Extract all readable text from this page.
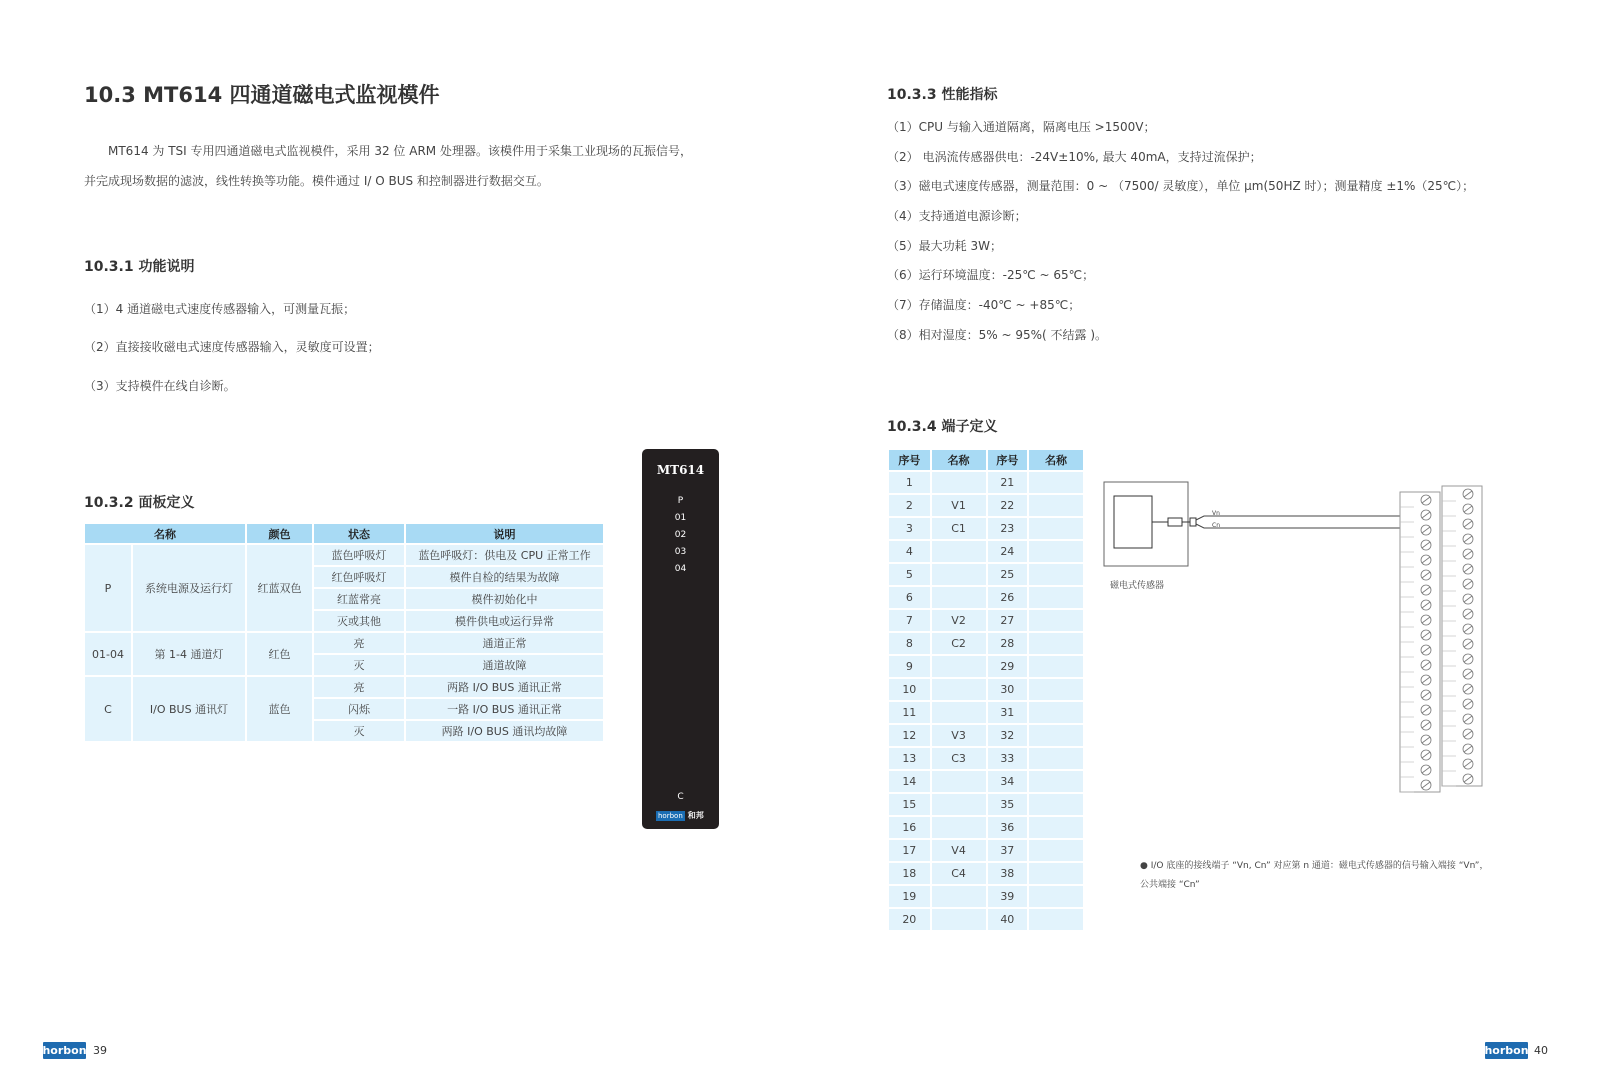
10.3 MT614 四通道磁电式监视模件
MT614 为 TSI 专用四通道磁电式监视模件，采用 32 位 ARM 处理器。该模件用于采集工业现场的瓦振信号，
并完成现场数据的滤波，线性转换等功能。模件通过 I/ O BUS 和控制器进行数据交互。
10.3.1 功能说明
（1）4 通道磁电式速度传感器输入，可测量瓦振；
（2）直接接收磁电式速度传感器输入，灵敏度可设置；
（3）支持模件在线自诊断。
10.3.2 面板定义
名称		颜色	状态	说明
P	系统电源及运行灯	红蓝双色	蓝色呼吸灯	蓝色呼吸灯：供电及 CPU 正常工作
			红色呼吸灯	模件自检的结果为故障
			红蓝常亮	模件初始化中
			灭或其他	模件供电或运行异常
01-04	第 1-4 通道灯	红色	亮	通道正常
			灭	通道故障
C	I/O BUS 通讯灯	蓝色	亮	两路 I/O BUS 通讯正常
			闪烁	一路 I/O BUS 通讯正常
			灭	两路 I/O BUS 通讯均故障
MT614
P
01
02
03
04
C
horbon 和邦
horbon 39
10.3.3 性能指标
（1）CPU 与输入通道隔离，隔离电压 >1500V；
（2） 电涡流传感器供电：-24V±10%, 最大 40mA，支持过流保护；
（3）磁电式速度传感器，测量范围：0 ~ （7500/ 灵敏度），单位 μm(50HZ 时）；测量精度 ±1%（25℃）；
（4）支持通道电源诊断；
（5）最大功耗 3W；
（6）运行环境温度：-25℃ ~ 65℃；
（7）存储温度：-40℃ ~ +85℃；
（8）相对湿度：5% ~ 95%( 不结露 )。
10.3.4 端子定义
序号	名称	序号	名称
1		21	
2	V1	22	
3	C1	23	
4		24	
5		25	
6		26	
7	V2	27	
8	C2	28	
9		29	
10		30	
11		31	
12	V3	32	
13	C3	33	
14		34	
15		35	
16		36	
17	V4	37	
18	C4	38	
19		39	
20		40	
Vn
Cn
磁电式传感器
● I/O 底座的接线端子 “Vn, Cn” 对应第 n 通道：磁电式传感器的信号输入端接 “Vn”，
公共端接 “Cn”
horbon 40
